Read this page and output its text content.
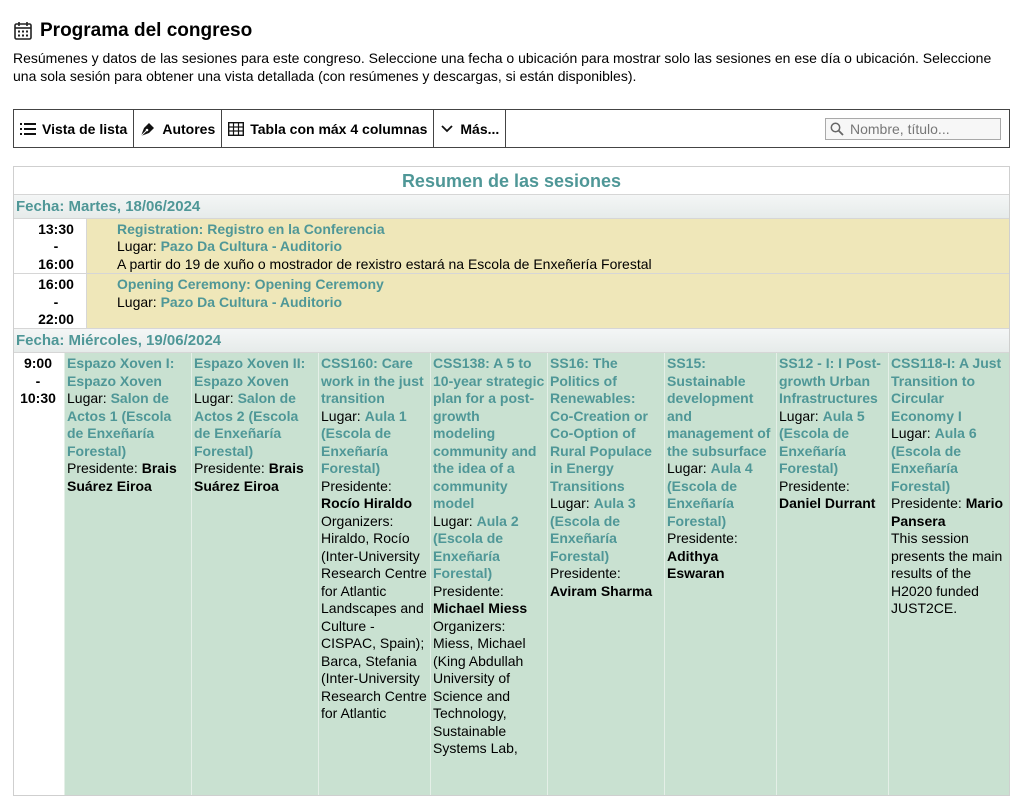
Programa del congreso
Resúmenes y datos de las sesiones para este congreso. Seleccione una fecha o ubicación para mostrar solo las sesiones en ese día o ubicación. Seleccione una sola sesión para obtener una vista detallada (con resúmenes y descargas, si están disponibles).
Vista de lista	Autores	Tabla con máx 4 columnas Más...
Nombre, título...
Resumen de las sesiones
Fecha: Martes, 18/06/2024
13:30
-
16:00
Registration: Registro en la Conferencia
Lugar: Pazo Da Cultura - Auditorio
A partir do 19 de xuño o mostrador de rexistro estará na Escola de Enxeñería Forestal
16:00
-
22:00
Opening Ceremony: Opening Ceremony
Lugar: Pazo Da Cultura - Auditorio
Fecha: Miércoles, 19/06/2024
9:00
-
10:30
Espazo Xoven I: Espazo Xoven
Lugar: Salon de Actos 1 (Escola de Enxeñaría Forestal)
Presidente: Brais Suárez Eiroa
Espazo Xoven II: Espazo Xoven
Lugar: Salon de Actos 2 (Escola de Enxeñaría Forestal)
Presidente: Brais Suárez Eiroa
CSS160: Care work in the just transition
Lugar: Aula 1 (Escola de Enxeñaría Forestal)
Presidente: Rocío Hiraldo
Organizers: Hiraldo, Rocío (Inter-University Research Centre for Atlantic Landscapes and Culture - CISPAC, Spain); Barca, Stefania (Inter-University Research Centre for Atlantic
CSS138: A 5 to 10-year strategic plan for a post-growth modeling community and the idea of a community model
Lugar: Aula 2 (Escola de Enxeñaría Forestal)
Presidente: Michael Miess
Organizers: Miess, Michael (King Abdullah University of Science and Technology, Sustainable Systems Lab,
SS16: The Politics of Renewables: Co-Creation or Co-Option of Rural Populace in Energy Transitions
Lugar: Aula 3 (Escola de Enxeñaría Forestal)
Presidente: Aviram Sharma
SS15: Sustainable development and management of the subsurface
Lugar: Aula 4 (Escola de Enxeñaría Forestal)
Presidente: Adithya Eswaran
SS12 - I: I Post-growth Urban Infrastructures
Lugar: Aula 5 (Escola de Enxeñaría Forestal)
Presidente: Daniel Durrant
CSS118-I: A Just Transition to Circular Economy I
Lugar: Aula 6 (Escola de Enxeñaría Forestal)
Presidente: Mario Pansera
This session presents the main results of the H2020 funded JUST2CE.
